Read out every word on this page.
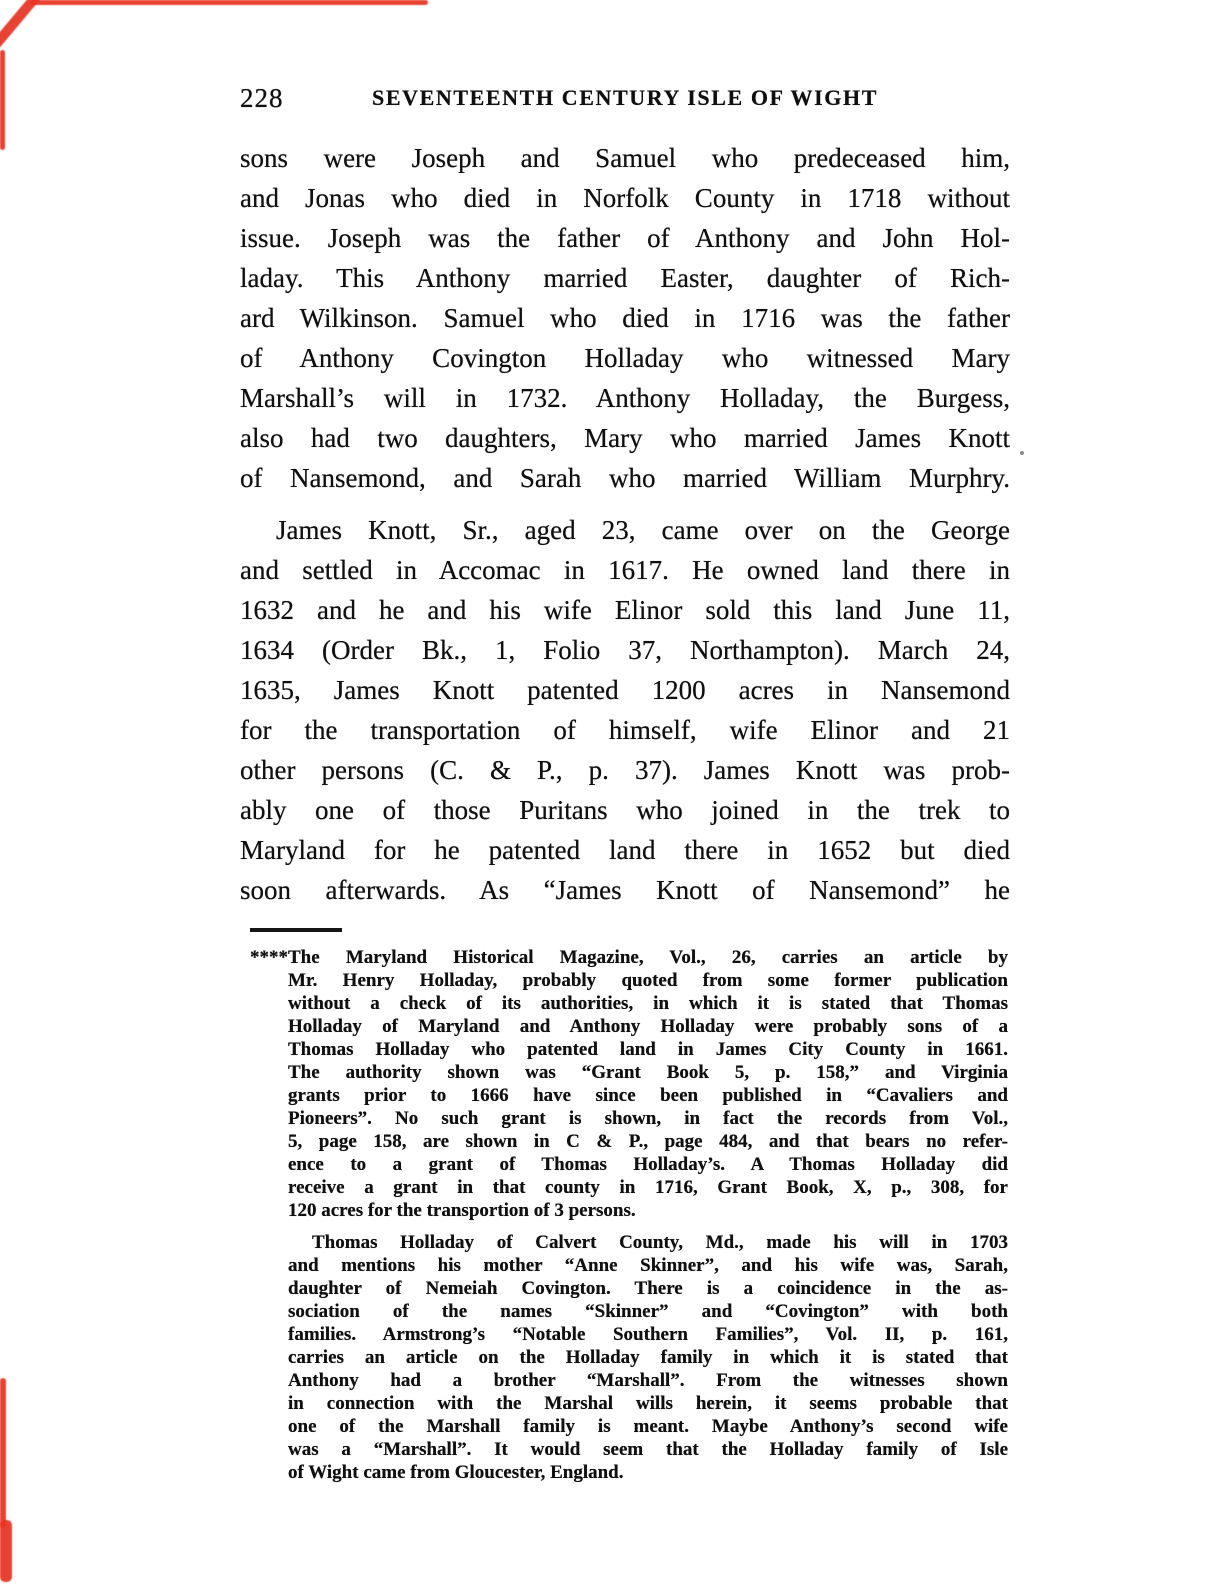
228	SEVENTEENTH CENTURY ISLE OF WIGHT
sons were Joseph and Samuel who predeceased him,
and Jonas who died in Norfolk County in 1718 without
issue. Joseph was the father of Anthony and John Hol-
laday. This Anthony married Easter, daughter of Rich-
ard Wilkinson. Samuel who died in 1716 was the father
of Anthony Covington Holladay who witnessed Mary
Marshall’s will in 1732. Anthony Holladay, the Burgess,
also had two daughters, Mary who married James Knott
of Nansemond, and Sarah who married William Murphry.
James Knott, Sr., aged 23, came over on the George
and settled in Accomac in 1617. He owned land there in
1632 and he and his wife Elinor sold this land June 11,
1634 (Order Bk., 1, Folio 37, Northampton). March 24,
1635, James Knott patented 1200 acres in Nansemond
for the transportation of himself, wife Elinor and 21
other persons (C. & P., p. 37). James Knott was prob-
ably one of those Puritans who joined in the trek to
Maryland for he patented land there in 1652 but died
soon afterwards. As “James Knott of Nansemond” he
****The Maryland Historical Magazine, Vol., 26, carries an article by
Mr. Henry Holladay, probably quoted from some former publication
without a check of its authorities, in which it is stated that Thomas
Holladay of Maryland and Anthony Holladay were probably sons of a
Thomas Holladay who patented land in James City County in 1661.
The authority shown was “Grant Book 5, p. 158,” and Virginia
grants prior to 1666 have since been published in “Cavaliers and
Pioneers”. No such grant is shown, in fact the records from Vol.,
5, page 158, are shown in C & P., page 484, and that bears no refer-
ence to a grant of Thomas Holladay’s. A Thomas Holladay did
receive a grant in that county in 1716, Grant Book, X, p., 308, for
120 acres for the transportion of 3 persons.
Thomas Holladay of Calvert County, Md., made his will in 1703
and mentions his mother “Anne Skinner”, and his wife was, Sarah,
daughter of Nemeiah Covington. There is a coincidence in the as-
sociation of the names “Skinner” and “Covington” with both
families. Armstrong’s “Notable Southern Families”, Vol. II, p. 161,
carries an article on the Holladay family in which it is stated that
Anthony had a brother “Marshall”. From the witnesses shown
in connection with the Marshal wills herein, it seems probable that
one of the Marshall family is meant. Maybe Anthony’s second wife
was a “Marshall”. It would seem that the Holladay family of Isle
of Wight came from Gloucester, England.
